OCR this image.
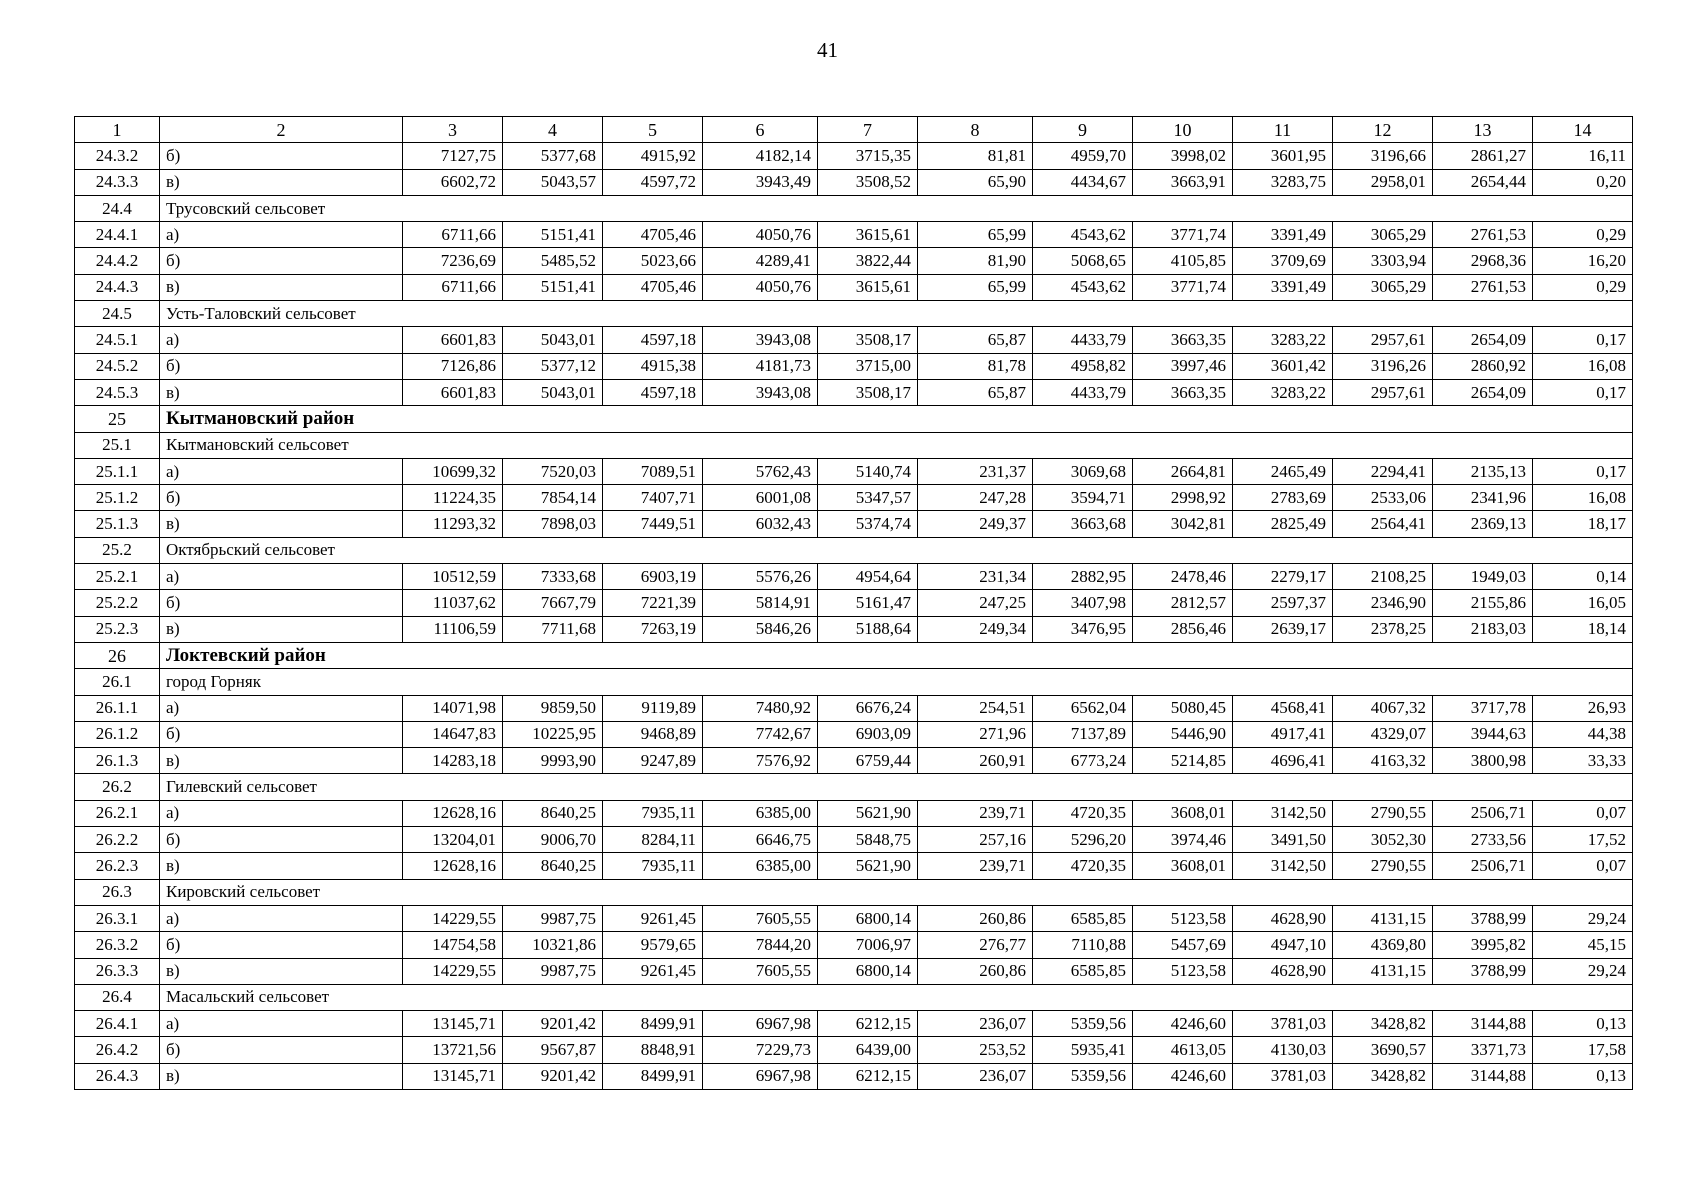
41
1	2	3	4	5	6	7	8	9	10	11	12	13	14
24.3.2	б)	7127,75	5377,68	4915,92	4182,14	3715,35	81,81	4959,70	3998,02	3601,95	3196,66	2861,27	16,11
24.3.3	в)	6602,72	5043,57	4597,72	3943,49	3508,52	65,90	4434,67	3663,91	3283,75	2958,01	2654,44	0,20
24.4	Трусовский сельсовет												
24.4.1	а)	6711,66	5151,41	4705,46	4050,76	3615,61	65,99	4543,62	3771,74	3391,49	3065,29	2761,53	0,29
24.4.2	б)	7236,69	5485,52	5023,66	4289,41	3822,44	81,90	5068,65	4105,85	3709,69	3303,94	2968,36	16,20
24.4.3	в)	6711,66	5151,41	4705,46	4050,76	3615,61	65,99	4543,62	3771,74	3391,49	3065,29	2761,53	0,29
24.5	Усть-Таловский сельсовет												
24.5.1	а)	6601,83	5043,01	4597,18	3943,08	3508,17	65,87	4433,79	3663,35	3283,22	2957,61	2654,09	0,17
24.5.2	б)	7126,86	5377,12	4915,38	4181,73	3715,00	81,78	4958,82	3997,46	3601,42	3196,26	2860,92	16,08
24.5.3	в)	6601,83	5043,01	4597,18	3943,08	3508,17	65,87	4433,79	3663,35	3283,22	2957,61	2654,09	0,17
25	Кытмановский район												
25.1	Кытмановский сельсовет												
25.1.1	а)	10699,32	7520,03	7089,51	5762,43	5140,74	231,37	3069,68	2664,81	2465,49	2294,41	2135,13	0,17
25.1.2	б)	11224,35	7854,14	7407,71	6001,08	5347,57	247,28	3594,71	2998,92	2783,69	2533,06	2341,96	16,08
25.1.3	в)	11293,32	7898,03	7449,51	6032,43	5374,74	249,37	3663,68	3042,81	2825,49	2564,41	2369,13	18,17
25.2	Октябрьский сельсовет												
25.2.1	а)	10512,59	7333,68	6903,19	5576,26	4954,64	231,34	2882,95	2478,46	2279,17	2108,25	1949,03	0,14
25.2.2	б)	11037,62	7667,79	7221,39	5814,91	5161,47	247,25	3407,98	2812,57	2597,37	2346,90	2155,86	16,05
25.2.3	в)	11106,59	7711,68	7263,19	5846,26	5188,64	249,34	3476,95	2856,46	2639,17	2378,25	2183,03	18,14
26	Локтевский район												
26.1	город Горняк												
26.1.1	а)	14071,98	9859,50	9119,89	7480,92	6676,24	254,51	6562,04	5080,45	4568,41	4067,32	3717,78	26,93
26.1.2	б)	14647,83	10225,95	9468,89	7742,67	6903,09	271,96	7137,89	5446,90	4917,41	4329,07	3944,63	44,38
26.1.3	в)	14283,18	9993,90	9247,89	7576,92	6759,44	260,91	6773,24	5214,85	4696,41	4163,32	3800,98	33,33
26.2	Гилевский сельсовет												
26.2.1	а)	12628,16	8640,25	7935,11	6385,00	5621,90	239,71	4720,35	3608,01	3142,50	2790,55	2506,71	0,07
26.2.2	б)	13204,01	9006,70	8284,11	6646,75	5848,75	257,16	5296,20	3974,46	3491,50	3052,30	2733,56	17,52
26.2.3	в)	12628,16	8640,25	7935,11	6385,00	5621,90	239,71	4720,35	3608,01	3142,50	2790,55	2506,71	0,07
26.3	Кировский сельсовет												
26.3.1	а)	14229,55	9987,75	9261,45	7605,55	6800,14	260,86	6585,85	5123,58	4628,90	4131,15	3788,99	29,24
26.3.2	б)	14754,58	10321,86	9579,65	7844,20	7006,97	276,77	7110,88	5457,69	4947,10	4369,80	3995,82	45,15
26.3.3	в)	14229,55	9987,75	9261,45	7605,55	6800,14	260,86	6585,85	5123,58	4628,90	4131,15	3788,99	29,24
26.4	Масальский сельсовет												
26.4.1	а)	13145,71	9201,42	8499,91	6967,98	6212,15	236,07	5359,56	4246,60	3781,03	3428,82	3144,88	0,13
26.4.2	б)	13721,56	9567,87	8848,91	7229,73	6439,00	253,52	5935,41	4613,05	4130,03	3690,57	3371,73	17,58
26.4.3	в)	13145,71	9201,42	8499,91	6967,98	6212,15	236,07	5359,56	4246,60	3781,03	3428,82	3144,88	0,13
